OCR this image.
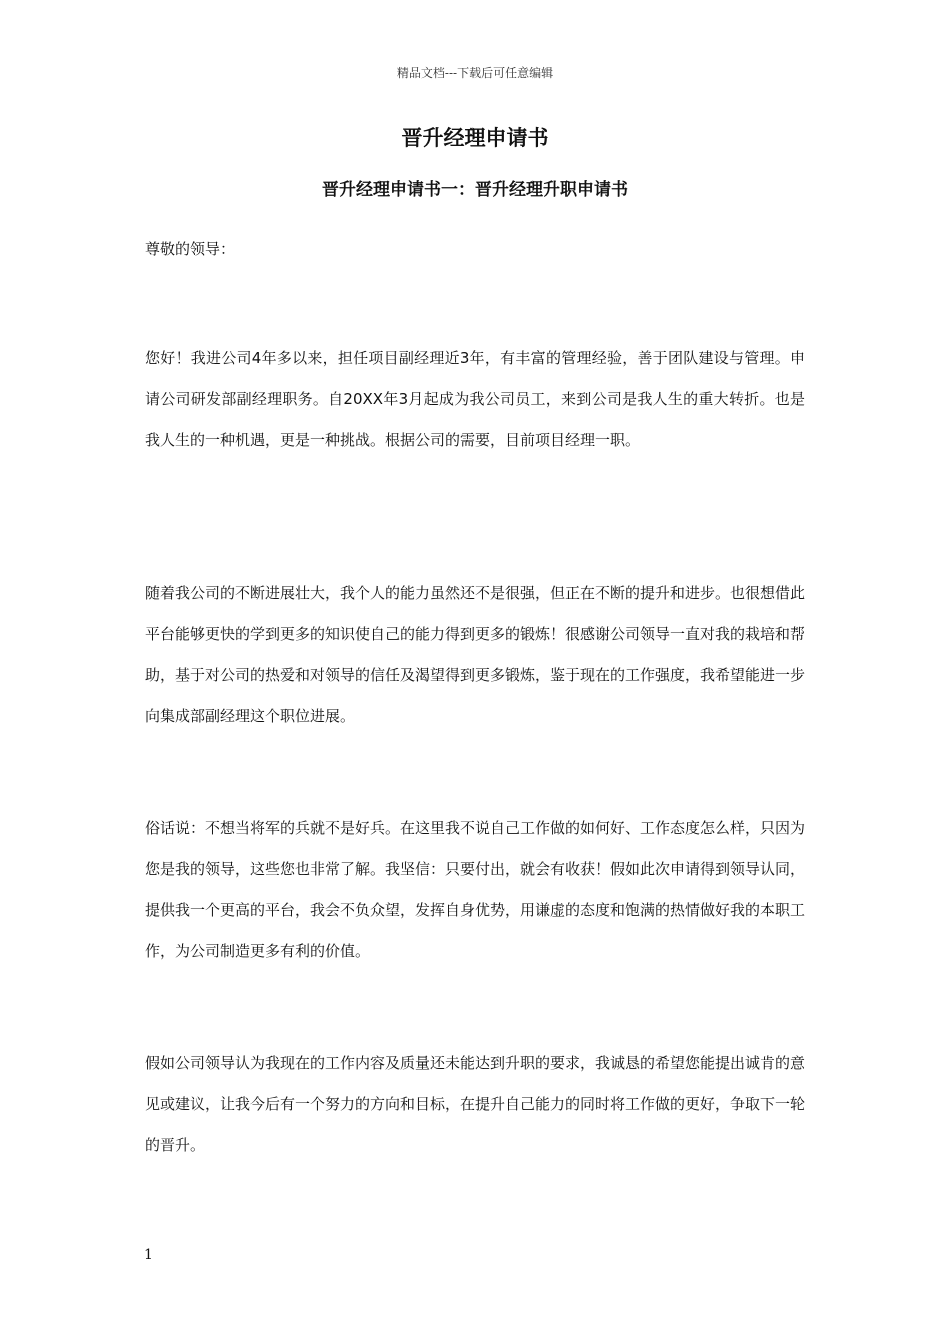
精品文档---下载后可任意编辑
晋升经理申请书
晋升经理申请书一：晋升经理升职申请书

尊敬的领导：

您好！我进公司4年多以来，担任项目副经理近3年，有丰富的管理经验，善于团队建设与管理。申请公司研发部副经理职务。自20XX年3月起成为我公司员工，来到公司是我人生的重大转折。也是我人生的一种机遇，更是一种挑战。根据公司的需要，目前项目经理一职。

随着我公司的不断进展壮大，我个人的能力虽然还不是很强，但正在不断的提升和进步。也很想借此平台能够更快的学到更多的知识使自己的能力得到更多的锻炼！很感谢公司领导一直对我的栽培和帮助，基于对公司的热爱和对领导的信任及渴望得到更多锻炼，鉴于现在的工作强度，我希望能进一步向集成部副经理这个职位进展。

俗话说：不想当将军的兵就不是好兵。在这里我不说自己工作做的如何好、工作态度怎么样，只因为您是我的领导，这些您也非常了解。我坚信：只要付出，就会有收获！假如此次申请得到领导认同，提供我一个更高的平台，我会不负众望，发挥自身优势，用谦虚的态度和饱满的热情做好我的本职工作，为公司制造更多有利的价值。

假如公司领导认为我现在的工作内容及质量还未能达到升职的要求，我诚恳的希望您能提出诚肯的意见或建议，让我今后有一个努力的方向和目标，在提升自己能力的同时将工作做的更好，争取下一轮的晋升。

1
